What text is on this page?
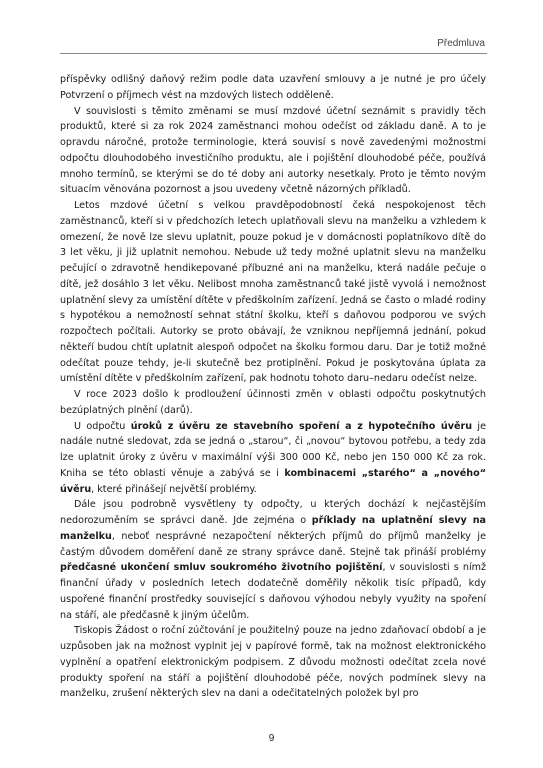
Předmluva

příspěvky odlišný daňový režim podle data uzavření smlouvy a je nutné je pro účely Potvrzení o příjmech vést na mzdových listech odděleně.

V souvislosti s těmito změnami se musí mzdové účetní seznámit s pravidly těch produktů, které si za rok 2024 zaměstnanci mohou odečíst od základu daně. A to je opravdu náročné, protože terminologie, která souvisí s nově zavedenými možnostmi odpočtu dlouhodobého investičního produktu, ale i pojištění dlouhodobé péče, používá mnoho termínů, se kterými se do té doby ani autorky nesetkaly. Proto je těmto novým situacím věnována pozornost a jsou uvedeny včetně názorných příkladů.

Letos mzdové účetní s velkou pravděpodobností čeká nespokojenost těch zaměstnanců, kteří si v předchozích letech uplatňovali slevu na manželku a vzhledem k omezení, že nově lze slevu uplatnit, pouze pokud je v domácnosti poplatníkovo dítě do 3 let věku, ji již uplatnit nemohou. Nebude už tedy možné uplatnit slevu na manželku pečující o zdravotně hendikepované příbuzné ani na manželku, která nadále pečuje o dítě, jež dosáhlo 3 let věku. Nelibost mnoha zaměstnanců také jistě vyvolá i nemožnost uplatnění slevy za umístění dítěte v předškolním zařízení. Jedná se často o mladé rodiny s hypotékou a nemožností sehnat státní školku, kteří s daňovou podporou ve svých rozpočtech počítali. Autorky se proto obávají, že vzniknou nepříjemná jednání, pokud někteří budou chtít uplatnit alespoň odpočet na školku formou daru. Dar je totiž možné odečítat pouze tehdy, je-li skutečně bez protiplnění. Pokud je poskytována úplata za umístění dítěte v předškolním zařízení, pak hodnotu tohoto daru–nedaru odečíst nelze.

V roce 2023 došlo k prodloužení účinnosti změn v oblasti odpočtu poskytnutých bezúplatných plnění (darů).

U odpočtu úroků z úvěru ze stavebního spoření a z hypotečního úvěru je nadále nutné sledovat, zda se jedná o „starou“, či „novou“ bytovou potřebu, a tedy zda lze uplatnit úroky z úvěru v maximální výši 300 000 Kč, nebo jen 150 000 Kč za rok. Kniha se této oblasti věnuje a zabývá se i kombinacemi „starého“ a „nového“ úvěru, které přinášejí největší problémy.

Dále jsou podrobně vysvětleny ty odpočty, u kterých dochází k nejčastějším nedorozuměním se správci daně. Jde zejména o příklady na uplatnění slevy na manželku, neboť nesprávné nezapočtení některých příjmů do příjmů manželky je častým důvodem doměření daně ze strany správce daně. Stejně tak přináší problémy předčasné ukončení smluv soukromého životního pojištění, v souvislosti s nímž finanční úřady v posledních letech dodatečně doměřily několik tisíc případů, kdy uspořené finanční prostředky související s daňovou výhodou nebyly využity na spoření na stáří, ale předčasně k jiným účelům.

Tiskopis Žádost o roční zúčtování je použitelný pouze na jedno zdaňovací období a je uzpůsoben jak na možnost vyplnit jej v papírové formě, tak na možnost elektronického vyplnění a opatření elektronickým podpisem. Z důvodu možnosti odečítat zcela nové produkty spoření na stáří a pojištění dlouhodobé péče, nových podmínek slevy na manželku, zrušení některých slev na dani a odečitatelných položek byl pro

9
